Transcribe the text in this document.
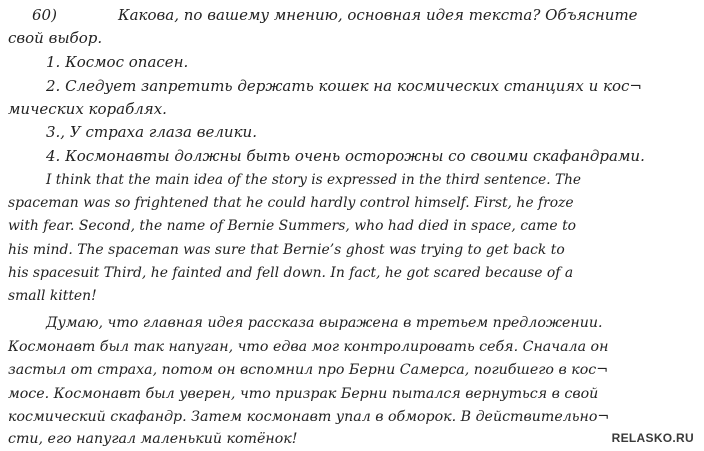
60)	Какова, по вашему мнению, основная идея текста? Объясните
свой выбор.
1. Космос опасен.
2. Следует запретить держать кошек на космических станциях и кос¬
мических кораблях.
3., У страха глаза велики.
4. Космонавты должны быть очень осторожны со своими скафандрами.
I think that the main idea of the story is expressed in the third sentence. The
spaceman was so frightened that he could hardly control himself. First, he froze
with fear. Second, the name of Bernie Summers, who had died in space, came to
his mind. The spaceman was sure that Bernie’s ghost was trying to get back to
his spacesuit Third, he fainted and fell down. In fact, he got scared because of a
small kitten!
Думаю, что главная идея рассказа выражена в третьем предложении.
Космонавт был так напуган, что едва мог контролировать себя. Сначала он
застыл от страха, потом он вспомнил про Берни Самерса, погибшего в кос¬
мосе. Космонавт был уверен, что призрак Берни пытался вернуться в свой
космический скафандр. Затем космонавт упал в обморок. В действительно¬
сти, его напугал маленький котёнок!	RELASKO.RU
